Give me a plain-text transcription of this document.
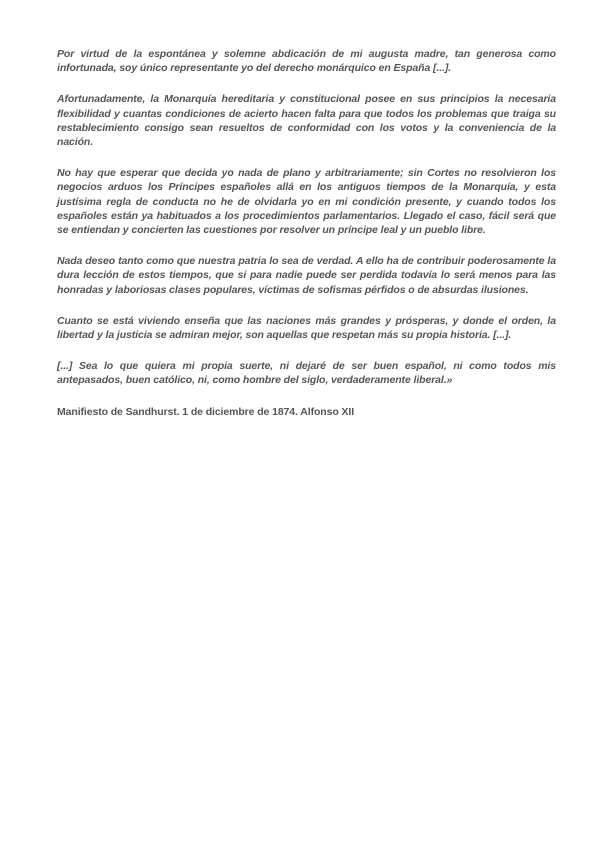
Por virtud de la espontánea y solemne abdicación de mi augusta madre, tan generosa como infortunada, soy único representante yo del derecho monárquico en España [...].

Afortunadamente, la Monarquía hereditaria y constitucional posee en sus principios la necesaria flexibilidad y cuantas condiciones de acierto hacen falta para que todos los problemas que traiga su restablecimiento consigo sean resueltos de conformidad con los votos y la conveniencia de la nación.

No hay que esperar que decida yo nada de plano y arbitrariamente; sin Cortes no resolvieron los negocios arduos los Príncipes españoles allá en los antiguos tiempos de la Monarquía, y esta justísima regla de conducta no he de olvidarla yo en mi condición presente, y cuando todos los españoles están ya habituados a los procedimientos parlamentarios. Llegado el caso, fácil será que se entiendan y concierten las cuestiones por resolver un príncipe leal y un pueblo libre.

Nada deseo tanto como que nuestra patria lo sea de verdad. A ello ha de contribuir poderosamente la dura lección de estos tiempos, que si para nadie puede ser perdida todavía lo será menos para las honradas y laboriosas clases populares, víctimas de sofismas pérfidos o de absurdas ilusiones.

Cuanto se está viviendo enseña que las naciones más grandes y prósperas, y donde el orden, la libertad y la justicia se admiran mejor, son aquellas que respetan más su propia historia. [...].

[...] Sea lo que quiera mi propia suerte, ni dejaré de ser buen español, ni como todos mis antepasados, buen católico, ni, como hombre del siglo, verdaderamente liberal.»

Manifiesto de Sandhurst. 1 de diciembre de 1874. Alfonso XII
